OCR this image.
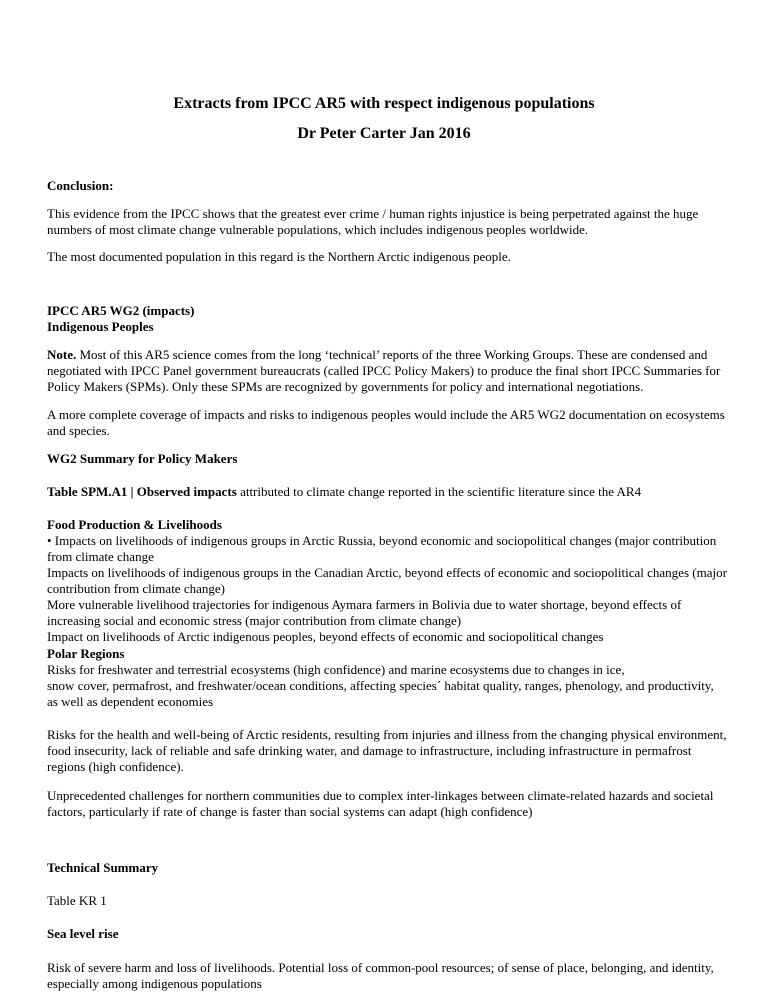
Extracts from IPCC AR5 with respect indigenous populations
Dr Peter Carter Jan 2016
Conclusion:

This evidence from the IPCC shows that the greatest ever crime / human rights injustice is being perpetrated against the huge numbers of most climate change vulnerable populations, which includes indigenous peoples worldwide.

The most documented population in this regard is the Northern Arctic indigenous people.

IPCC AR5 WG2 (impacts)
Indigenous Peoples

Note. Most of this AR5 science comes from the long ‘technical’ reports of the three Working Groups. These are condensed and negotiated with IPCC Panel government bureaucrats (called IPCC Policy Makers) to produce the final short IPCC Summaries for Policy Makers (SPMs). Only these SPMs are recognized by governments for policy and international negotiations.

A more complete coverage of impacts and risks to indigenous peoples would include the AR5 WG2 documentation on ecosystems and species.

WG2 Summary for Policy Makers

Table SPM.A1 | Observed impacts attributed to climate change reported in the scientific literature since the AR4

Food Production & Livelihoods

• Impacts on livelihoods of indigenous groups in Arctic Russia, beyond economic and sociopolitical changes (major contribution from climate change

Impacts on livelihoods of indigenous groups in the Canadian Arctic, beyond effects of economic and sociopolitical changes (major contribution from climate change)

More vulnerable livelihood trajectories for indigenous Aymara farmers in Bolivia due to water shortage, beyond effects of increasing social and economic stress (major contribution from climate change)

Impact on livelihoods of Arctic indigenous peoples, beyond effects of economic and sociopolitical changes

Polar Regions

Risks for freshwater and terrestrial ecosystems (high confidence) and marine ecosystems due to changes in ice,

snow cover, permafrost, and freshwater/ocean conditions, affecting species´ habitat quality, ranges, phenology, and productivity, as well as dependent economies

Risks for the health and well-being of Arctic residents, resulting from injuries and illness from the changing physical environment, food insecurity, lack of reliable and safe drinking water, and damage to infrastructure, including infrastructure in permafrost regions (high confidence).

Unprecedented challenges for northern communities due to complex inter-linkages between climate-related hazards and societal factors, particularly if rate of change is faster than social systems can adapt (high confidence)

Technical Summary
Table KR 1
Sea level rise

Risk of severe harm and loss of livelihoods. Potential loss of common-pool resources; of sense of place, belonging, and identity, especially among indigenous populations
